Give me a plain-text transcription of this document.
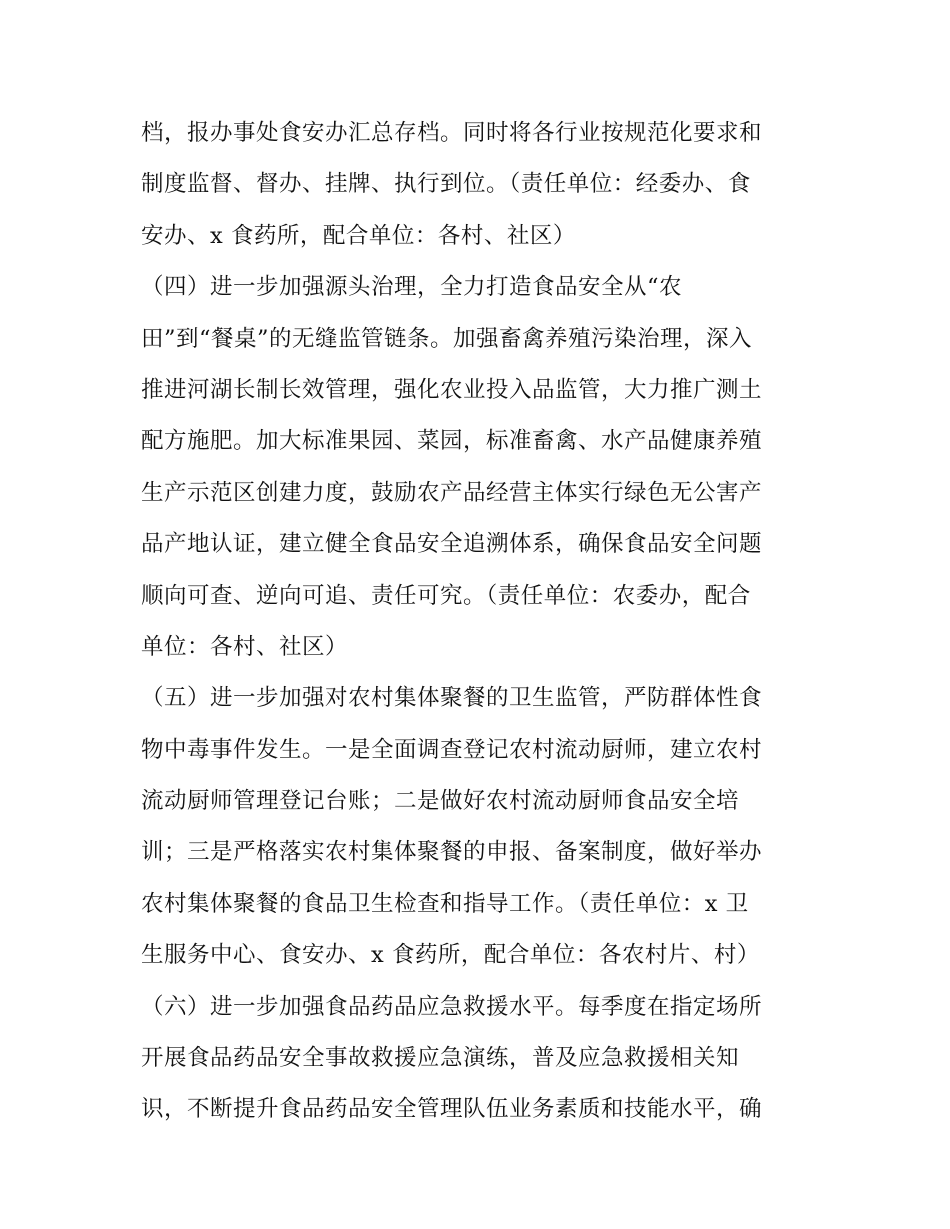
档，报办事处食安办汇总存档。同时将各行业按规范化要求和
制度监督、督办、挂牌、执行到位。（责任单位：经委办、食
安办、x 食药所，配合单位：各村、社区）
（四）进一步加强源头治理，全力打造食品安全从“农
田”到“餐桌”的无缝监管链条。加强畜禽养殖污染治理，深入
推进河湖长制长效管理，强化农业投入品监管，大力推广测土
配方施肥。加大标准果园、菜园，标准畜禽、水产品健康养殖
生产示范区创建力度，鼓励农产品经营主体实行绿色无公害产
品产地认证，建立健全食品安全追溯体系，确保食品安全问题
顺向可查、逆向可追、责任可究。（责任单位：农委办，配合
单位：各村、社区）
（五）进一步加强对农村集体聚餐的卫生监管，严防群体性食
物中毒事件发生。一是全面调查登记农村流动厨师，建立农村
流动厨师管理登记台账；二是做好农村流动厨师食品安全培
训；三是严格落实农村集体聚餐的申报、备案制度，做好举办
农村集体聚餐的食品卫生检查和指导工作。（责任单位：x 卫
生服务中心、食安办、x 食药所，配合单位：各农村片、村）
（六）进一步加强食品药品应急救援水平。每季度在指定场所
开展食品药品安全事故救援应急演练，普及应急救援相关知
识，不断提升食品药品安全管理队伍业务素质和技能水平，确
